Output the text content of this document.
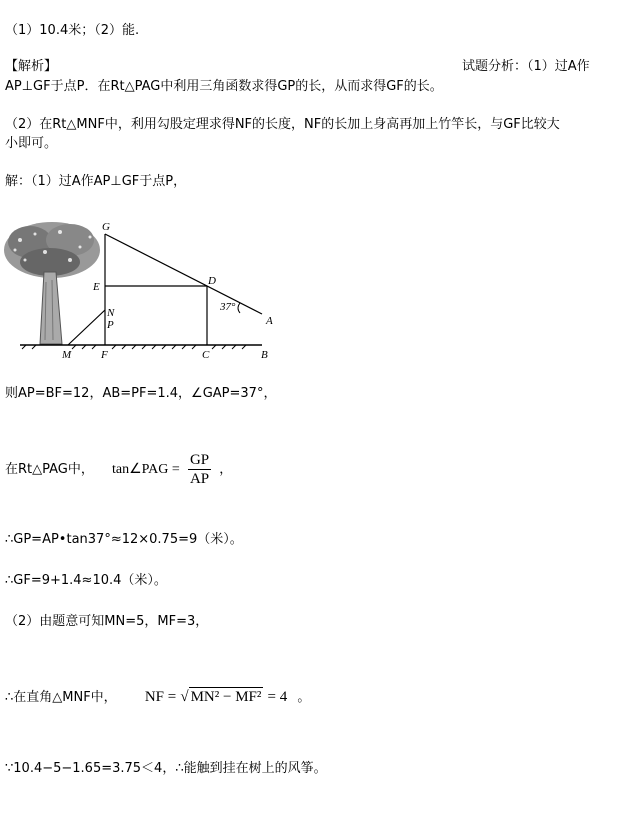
（1）10.4米；（2）能.
【解析】	试题分析：（1）过A作
AP⊥GF于点P．在Rt△PAG中利用三角函数求得GP的长，从而求得GF的长。
（2）在Rt△MNF中，利用勾股定理求得NF的长度，NF的长加上身高再加上竹竿长，与GF比较大
小即可。
解：（1）过A作AP⊥GF于点P，
G
D
E
37°
A
N
P
M	F	C	B
则AP=BF=12，AB=PF=1.4，∠GAP=37°，
在Rt△PAG中， tan∠PAG = $\frac{GP}{AP}$ ，
∴GP=AP•tan37°≈12×0.75=9（米）。
∴GF=9+1.4≈10.4（米）。
（2）由题意可知MN=5，MF=3，
∴在直角△MNF中， NF = √ MN² − MF² = 4 。
∵10.4−5−1.65=3.75＜4，∴能触到挂在树上的风筝。
